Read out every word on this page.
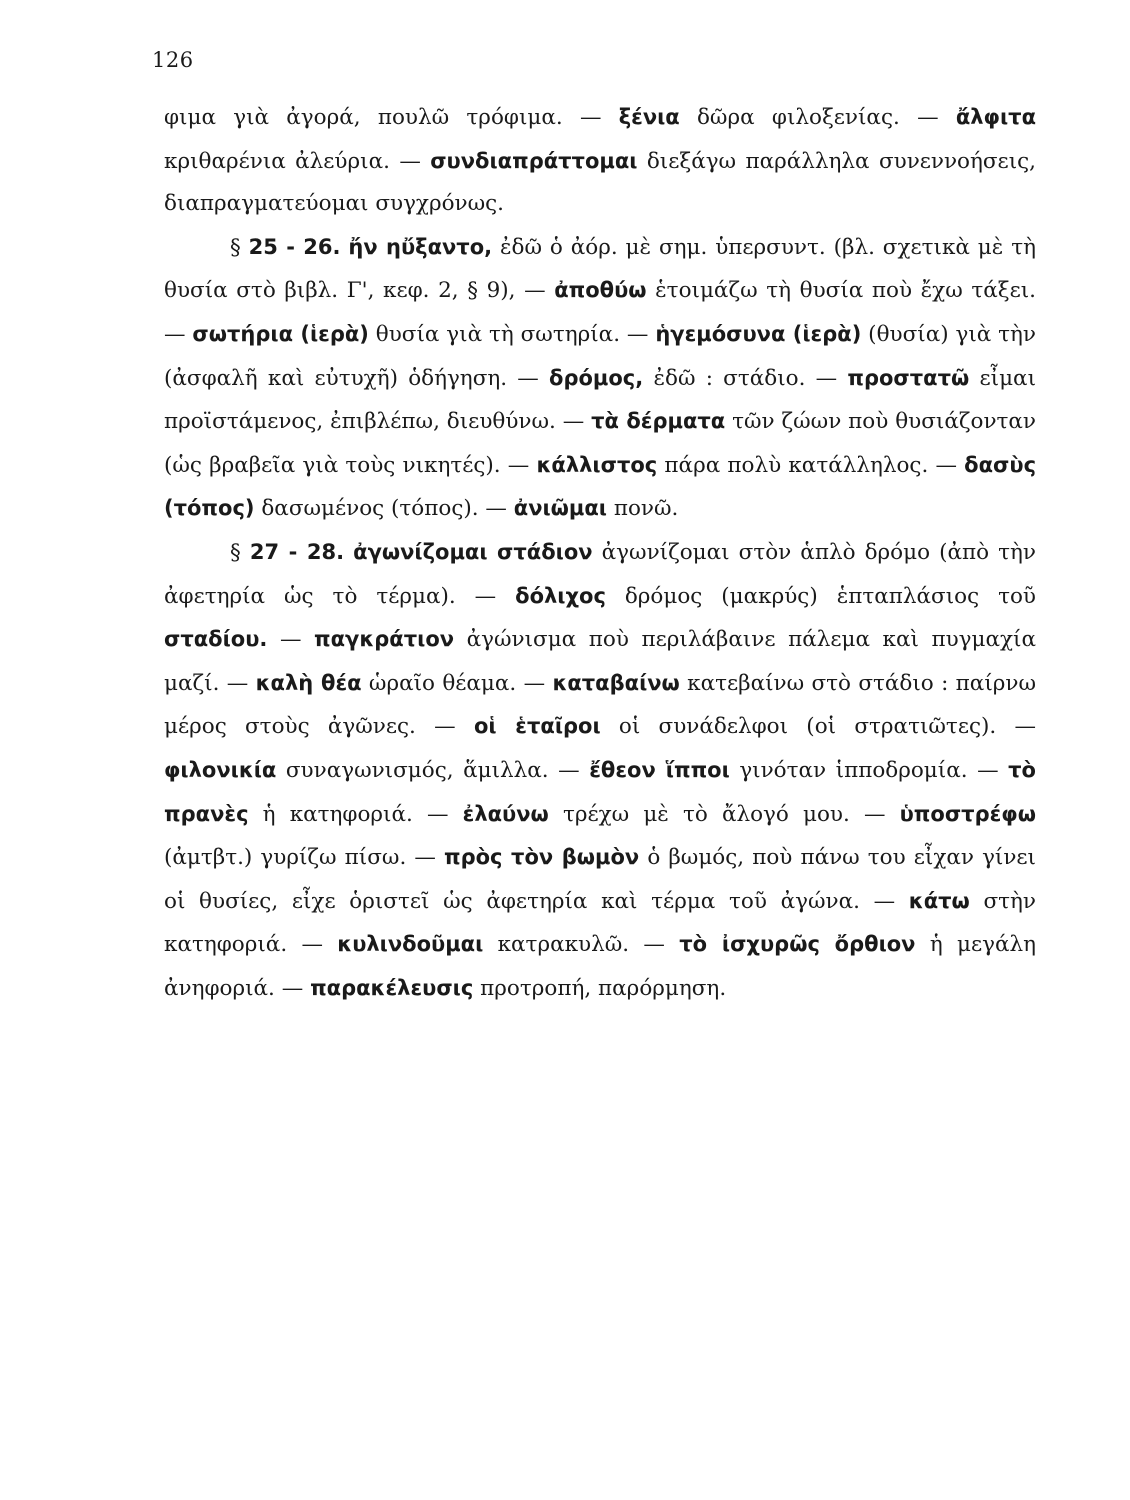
126

φιμα γιὰ ἀγορά, πουλῶ τρόφιμα. — ξένια δῶρα φιλοξενίας. — ἄλφιτα κριθαρένια ἀλεύρια. — συνδιαπράττομαι διεξάγω παράλληλα συνεννοήσεις, διαπραγματεύομαι συγχρόνως.

§ 25 - 26. ἤν ηὔξαντο, ἐδῶ ὁ ἀόρ. μὲ σημ. ὑπερσυντ. (βλ. σχετικὰ μὲ τὴ θυσία στὸ βιβλ. Γ', κεφ. 2, § 9), — ἀποθύω ἑτοιμάζω τὴ θυσία ποὺ ἔχω τάξει. — σωτήρια (ἱερὰ) θυσία γιὰ τὴ σωτηρία. — ἡγεμόσυνα (ἱερὰ) (θυσία) γιὰ τὴν (ἀσφαλῆ καὶ εὐτυχῆ) ὁδήγηση. — δρόμος, ἐδῶ : στάδιο. — προστατῶ εἶμαι προϊστάμενος, ἐπιβλέπω, διευθύνω. — τὰ δέρματα τῶν ζώων ποὺ θυσιάζονταν (ὡς βραβεῖα γιὰ τοὺς νικητές). — κάλλιστος πάρα πολὺ κατάλληλος. — δασὺς (τόπος) δασωμένος (τόπος). — ἀνιῶμαι πονῶ.

§ 27 - 28. ἀγωνίζομαι στάδιον ἀγωνίζομαι στὸν ἁπλὸ δρόμο (ἀπὸ τὴν ἀφετηρία ὡς τὸ τέρμα). — δόλιχος δρόμος (μακρύς) ἑπταπλάσιος τοῦ σταδίου. — παγκράτιον ἀγώνισμα ποὺ περιλάβαινε πάλεμα καὶ πυγμαχία μαζί. — καλὴ θέα ὡραῖο θέαμα. — καταβαίνω κατεβαίνω στὸ στάδιο : παίρνω μέρος στοὺς ἀγῶνες. — οἱ ἑταῖροι οἱ συνάδελφοι (οἱ στρατιῶτες). — φιλονικία συναγωνισμός, ἅμιλλα. — ἔθεον ἵπποι γινόταν ἱπποδρομία. — τὸ πρανὲς ἡ κατηφοριά. — ἐλαύνω τρέχω μὲ τὸ ἄλογό μου. — ὑποστρέφω (ἀμτβτ.) γυρίζω πίσω. — πρὸς τὸν βωμὸν ὁ βωμός, ποὺ πάνω του εἶχαν γίνει οἱ θυσίες, εἶχε ὁριστεῖ ὡς ἀφετηρία καὶ τέρμα τοῦ ἀγώνα. — κάτω στὴν κατηφοριά. — κυλινδοῦμαι κατρακυλῶ. — τὸ ἰσχυρῶς ὄρθιον ἡ μεγάλη ἀνηφοριά. — παρακέλευσις προτροπή, παρόρμηση.
